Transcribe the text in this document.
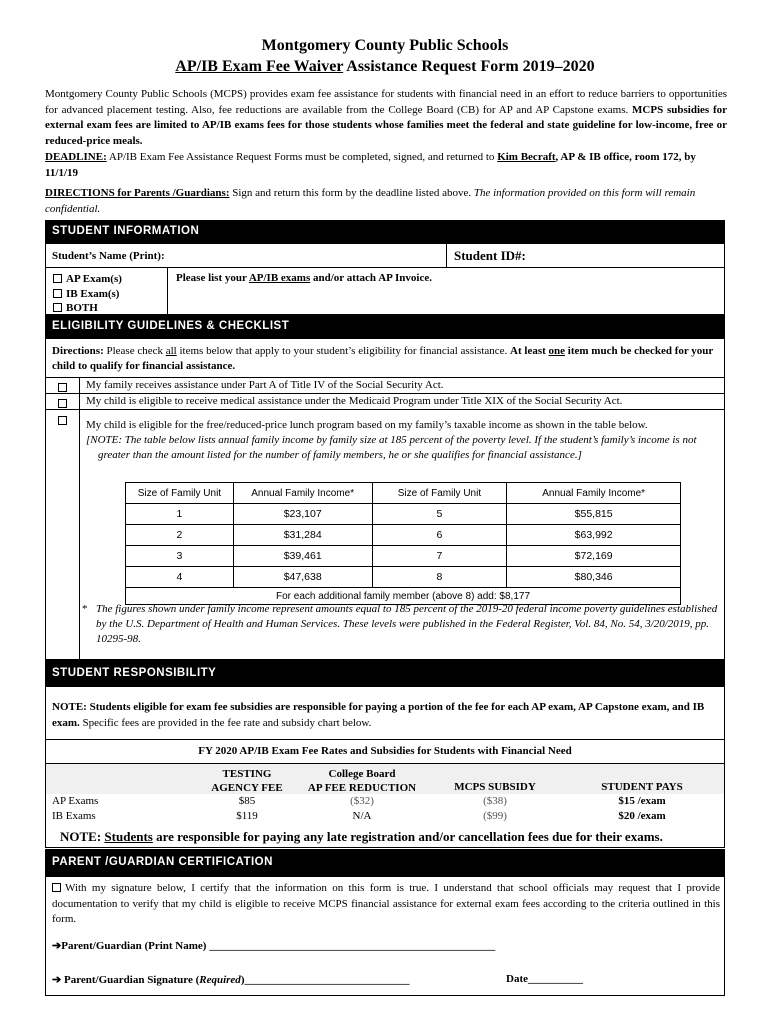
Montgomery County Public Schools
AP/IB Exam Fee Waiver Assistance Request Form 2019–2020
Montgomery County Public Schools (MCPS) provides exam fee assistance for students with financial need in an effort to reduce barriers to opportunities for advanced placement testing. Also, fee reductions are available from the College Board (CB) for AP and AP Capstone exams. MCPS subsidies for external exam fees are limited to AP/IB exams fees for those students whose families meet the federal and state guideline for low-income, free or reduced-price meals.
DEADLINE: AP/IB Exam Fee Assistance Request Forms must be completed, signed, and returned to Kim Becraft, AP & IB office, room 172, by 11/1/19
DIRECTIONS for Parents /Guardians: Sign and return this form by the deadline listed above. The information provided on this form will remain confidential.
STUDENT INFORMATION
Student’s Name (Print):	Student ID#:
AP Exam(s)
IB Exam(s)
BOTH
Please list your AP/IB exams and/or attach AP Invoice.
ELIGIBILITY GUIDELINES & CHECKLIST
Directions: Please check all items below that apply to your student’s eligibility for financial assistance. At least one item much be checked for your child to qualify for financial assistance.
My family receives assistance under Part A of Title IV of the Social Security Act.
My child is eligible to receive medical assistance under the Medicaid Program under Title XIX of the Social Security Act.
My child is eligible for the free/reduced-price lunch program based on my family’s taxable income as shown in the table below.
[NOTE: The table below lists annual family income by family size at 185 percent of the poverty level. If the student’s family’s income is not greater than the amount listed for the number of family members, he or she qualifies for financial assistance.]
Size of Family Unit	Annual Family Income*	Size of Family Unit	Annual Family Income*
1	$23,107	5	$55,815
2	$31,284	6	$63,992
3	$39,461	7	$72,169
4	$47,638	8	$80,346
For each additional family member (above 8) add: $8,177			
* The figures shown under family income represent amounts equal to 185 percent of the 2019-20 federal income poverty guidelines established by the U.S. Department of Health and Human Services. These levels were published in the Federal Register, Vol. 84, No. 54, 3/20/2019, pp. 10295-98.
STUDENT RESPONSIBILITY
NOTE: Students eligible for exam fee subsidies are responsible for paying a portion of the fee for each AP exam, AP Capstone exam, and IB exam. Specific fees are provided in the fee rate and subsidy chart below.
FY 2020 AP/IB Exam Fee Rates and Subsidies for Students with Financial Need
TESTING
AGENCY FEE
College Board
AP FEE REDUCTION	MCPS SUBSIDY	STUDENT PAYS
AP Exams	$85	($32)	($38)	$15 /exam
IB Exams	$119	N/A	($99)	$20 /exam
NOTE: Students are responsible for paying any late registration and/or cancellation fees due for their exams.
PARENT /GUARDIAN CERTIFICATION
With my signature below, I certify that the information on this form is true. I understand that school officials may request that I provide documentation to verify that my child is eligible to receive MCPS financial assistance for external exam fees according to the criteria outlined in this form.
➔Parent/Guardian (Print Name) ____________________________________________________
➔ Parent/Guardian Signature (Required)______________________________	Date__________
